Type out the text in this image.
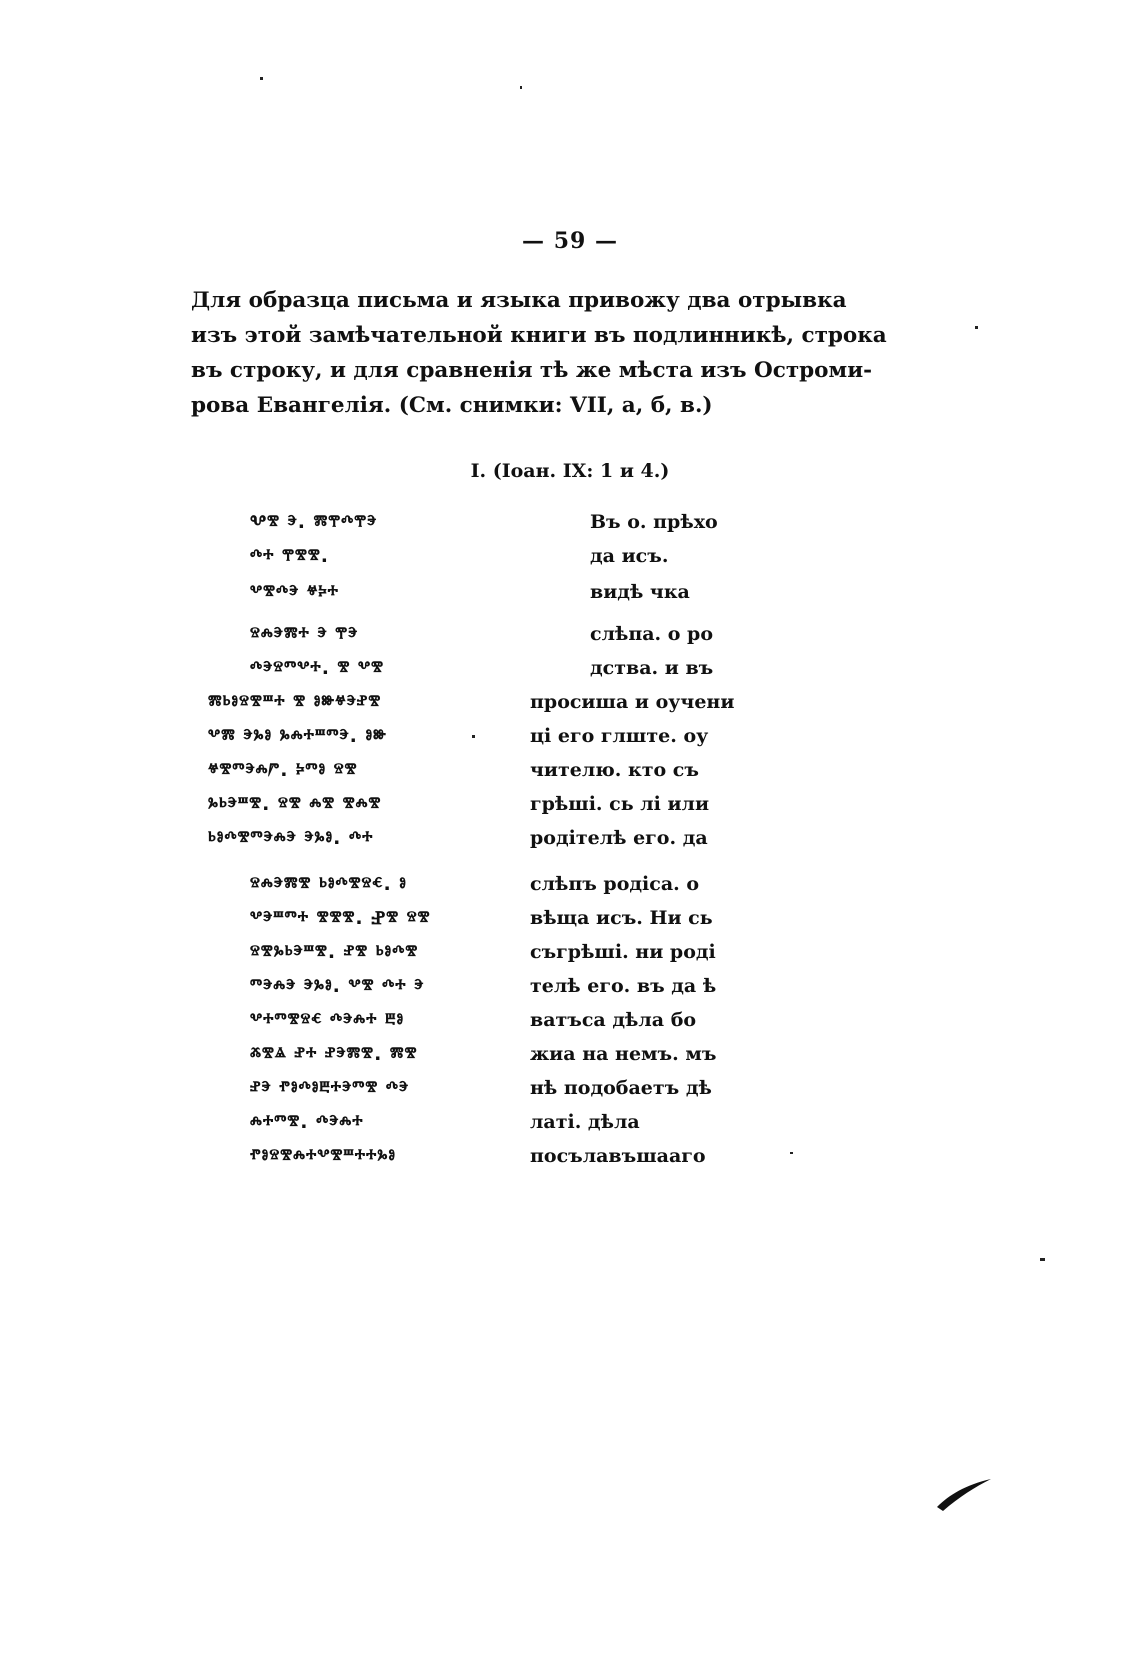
— 59 —
Для образца письма и языка привожу два отрывка
изъ этой замѣчательной книги въ подлинникѣ, строка
въ строку, и для сравненія тѣ же мѣста изъ Остроми-
рова Евангелія. (См. снимки: VII, а, б, в.)
I. (Іоан. IX: 1 и 4.)
Ⰲⰺ ⰵ. ⰿⰹⰴⰹⰵ
ⰴⰰ ⰹⰺⰺ.
ⰲⰺⰴⰵ ⱍⰽⰰ
ⱄⰾⰵⰿⰰ ⰵ ⰹⰵ
ⰴⰵⱄⱅⰲⰰ. ⰺ ⰲⰺ
ⰿⱃⱁⱄⰺⱎⰰ ⰺ ⱁⱆⱍⰵⱀⰺ
ⰲⰿ ⰵⰳⱁ ⰳⰾⰰⱎⱅⰵ. ⱁⱆ
ⱍⰺⱅⰵⰾⱓ. ⰽⱅⱁ ⱄⰺ
ⰳⱃⰵⱎⰺ. ⱄⰺ ⰾⰺ ⰺⰾⰺ
ⱃⱁⰴⰺⱅⰵⰾⰵ ⰵⰳⱁ. ⰴⰰ
ⱄⰾⰵⰿⰺ ⱃⱁⰴⰺⱄⱔ. ⱁ
ⰲⰵⱎⱅⰰ ⰺⰺⰺ. Ⱀⰺ ⱄⰺ
ⱄⰺⰳⱃⰵⱎⰺ. ⱀⰺ ⱃⱁⰴⰺ
ⱅⰵⰾⰵ ⰵⰳⱁ. ⰲⰺ ⰴⰰ ⰵ
ⰲⰰⱅⰺⱄⱔ ⰴⰵⰾⰰ ⰱⱁ
ⰶⰺⱑ ⱀⰰ ⱀⰵⰿⰺ. ⰿⰺ
ⱀⰵ ⱂⱁⰴⱁⰱⰰⰵⱅⰺ ⰴⰵ
ⰾⰰⱅⰺ. ⰴⰵⰾⰰ
ⱂⱁⱄⰺⰾⰰⰲⰺⱎⰰⰰⰳⱁ
Въ о. прѣхо
да исъ.
видѣ чка
слѣпа. о ро
дства. и въ
просиша и оучени
ці его глште. оу
чителю. кто съ
грѣші. сь лі или
родітелѣ его. да
слѣпъ родіса. о
вѣща исъ. Ни сь
съгрѣші. ни роді
телѣ его. въ да ѣ
ватъса дѣла бо
жиа на немъ. мъ
нѣ подобаетъ дѣ
латі. дѣла
посълавъшааго
